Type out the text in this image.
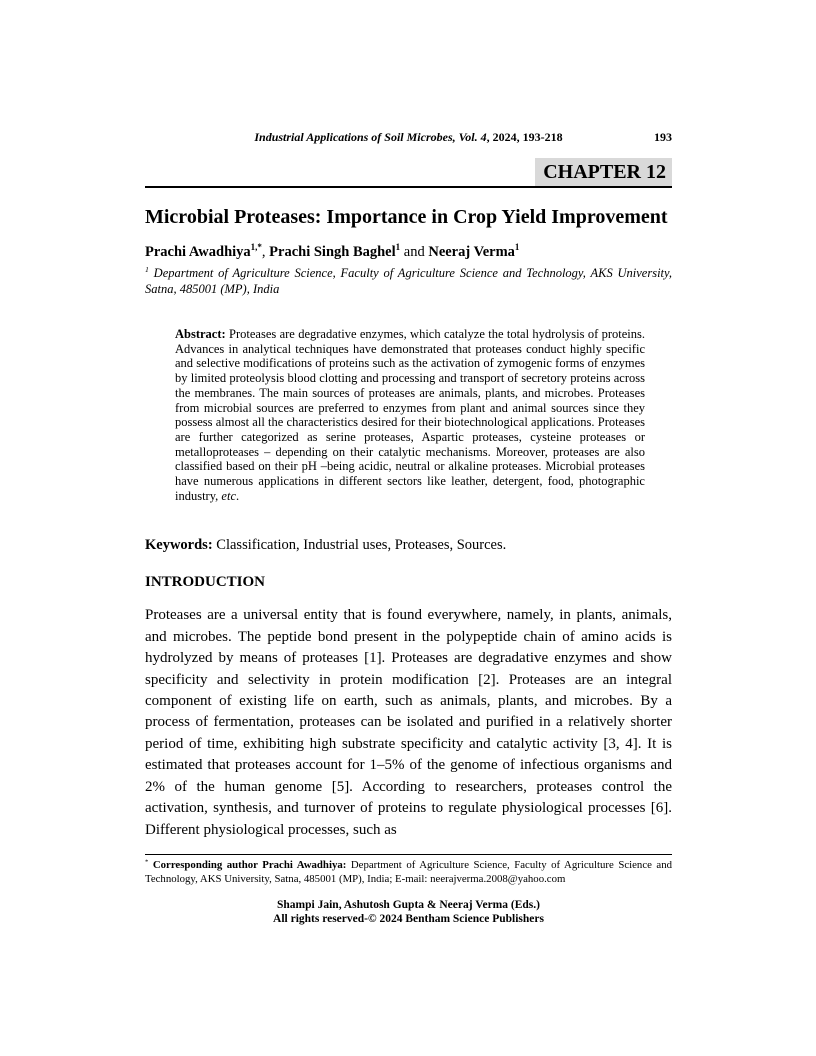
Industrial Applications of Soil Microbes, Vol. 4, 2024, 193-218	193
CHAPTER 12
Microbial Proteases: Importance in Crop Yield Improvement
Prachi Awadhiya$^{1,*}$, Prachi Singh Baghel$^1$ and Neeraj Verma$^1$

$^1$ Department of Agriculture Science, Faculty of Agriculture Science and Technology, AKS University, Satna, 485001 (MP), India

Abstract: Proteases are degradative enzymes, which catalyze the total hydrolysis of proteins. Advances in analytical techniques have demonstrated that proteases conduct highly specific and selective modifications of proteins such as the activation of zymogenic forms of enzymes by limited proteolysis blood clotting and processing and transport of secretory proteins across the membranes. The main sources of proteases are animals, plants, and microbes. Proteases from microbial sources are preferred to enzymes from plant and animal sources since they possess almost all the characteristics desired for their biotechnological applications. Proteases are further categorized as serine proteases, Aspartic proteases, cysteine proteases or metalloproteases – depending on their catalytic mechanisms. Moreover, proteases are also classified based on their pH –being acidic, neutral or alkaline proteases. Microbial proteases have numerous applications in different sectors like leather, detergent, food, photographic industry, etc.

Keywords: Classification, Industrial uses, Proteases, Sources.

INTRODUCTION

Proteases are a universal entity that is found everywhere, namely, in plants, animals, and microbes. The peptide bond present in the polypeptide chain of amino acids is hydrolyzed by means of proteases [1]. Proteases are degradative enzymes and show specificity and selectivity in protein modification [2]. Proteases are an integral component of existing life on earth, such as animals, plants, and microbes. By a process of fermentation, proteases can be isolated and purified in a relatively shorter period of time, exhibiting high substrate specificity and catalytic activity [3, 4]. It is estimated that proteases account for 1–5% of the genome of infectious organisms and 2% of the human genome [5]. According to researchers, proteases control the activation, synthesis, and turnover of proteins to regulate physiological processes [6]. Different physiological processes, such as

* Corresponding author Prachi Awadhiya: Department of Agriculture Science, Faculty of Agriculture Science and Technology, AKS University, Satna, 485001 (MP), India; E-mail: neerajverma.2008@yahoo.com

Shampi Jain, Ashutosh Gupta & Neeraj Verma (Eds.)
All rights reserved-© 2024 Bentham Science Publishers
